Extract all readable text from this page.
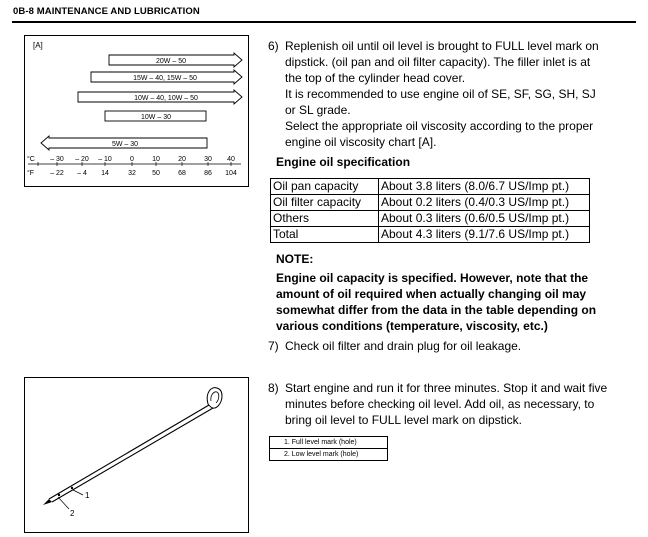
0B-8 MAINTENANCE AND LUBRICATION
[A]
20W – 50
15W – 40, 15W – 50
10W – 40, 10W – 50
10W – 30
5W – 30
°C
°F
– 30 – 20 – 10	0	10	20	30 40
– 22 – 4 14	32 50	68	86 104
6) Replenish oil until oil level is brought to FULL level mark on dipstick. (oil pan and oil filter capacity). The filler inlet is at the top of the cylinder head cover.
It is recommended to use engine oil of SE, SF, SG, SH, SJ or SL grade.
Select the appropriate oil viscosity according to the proper engine oil viscosity chart [A].
Engine oil specification
Oil pan capacity	About 3.8 liters (8.0/6.7 US/Imp pt.)
Oil filter capacity	About 0.2 liters (0.4/0.3 US/Imp pt.)
Others	About 0.3 liters (0.6/0.5 US/Imp pt.)
Total	About 4.3 liters (9.1/7.6 US/Imp pt.)
NOTE:
Engine oil capacity is specified. However, note that the amount of oil required when actually changing oil may somewhat differ from the data in the table depending on various conditions (temperature, viscosity, etc.)
7) Check oil filter and drain plug for oil leakage.
1
2
8) Start engine and run it for three minutes. Stop it and wait five minutes before checking oil level. Add oil, as necessary, to bring oil level to FULL level mark on dipstick.
1. Full level mark (hole)
2. Low level mark (hole)
